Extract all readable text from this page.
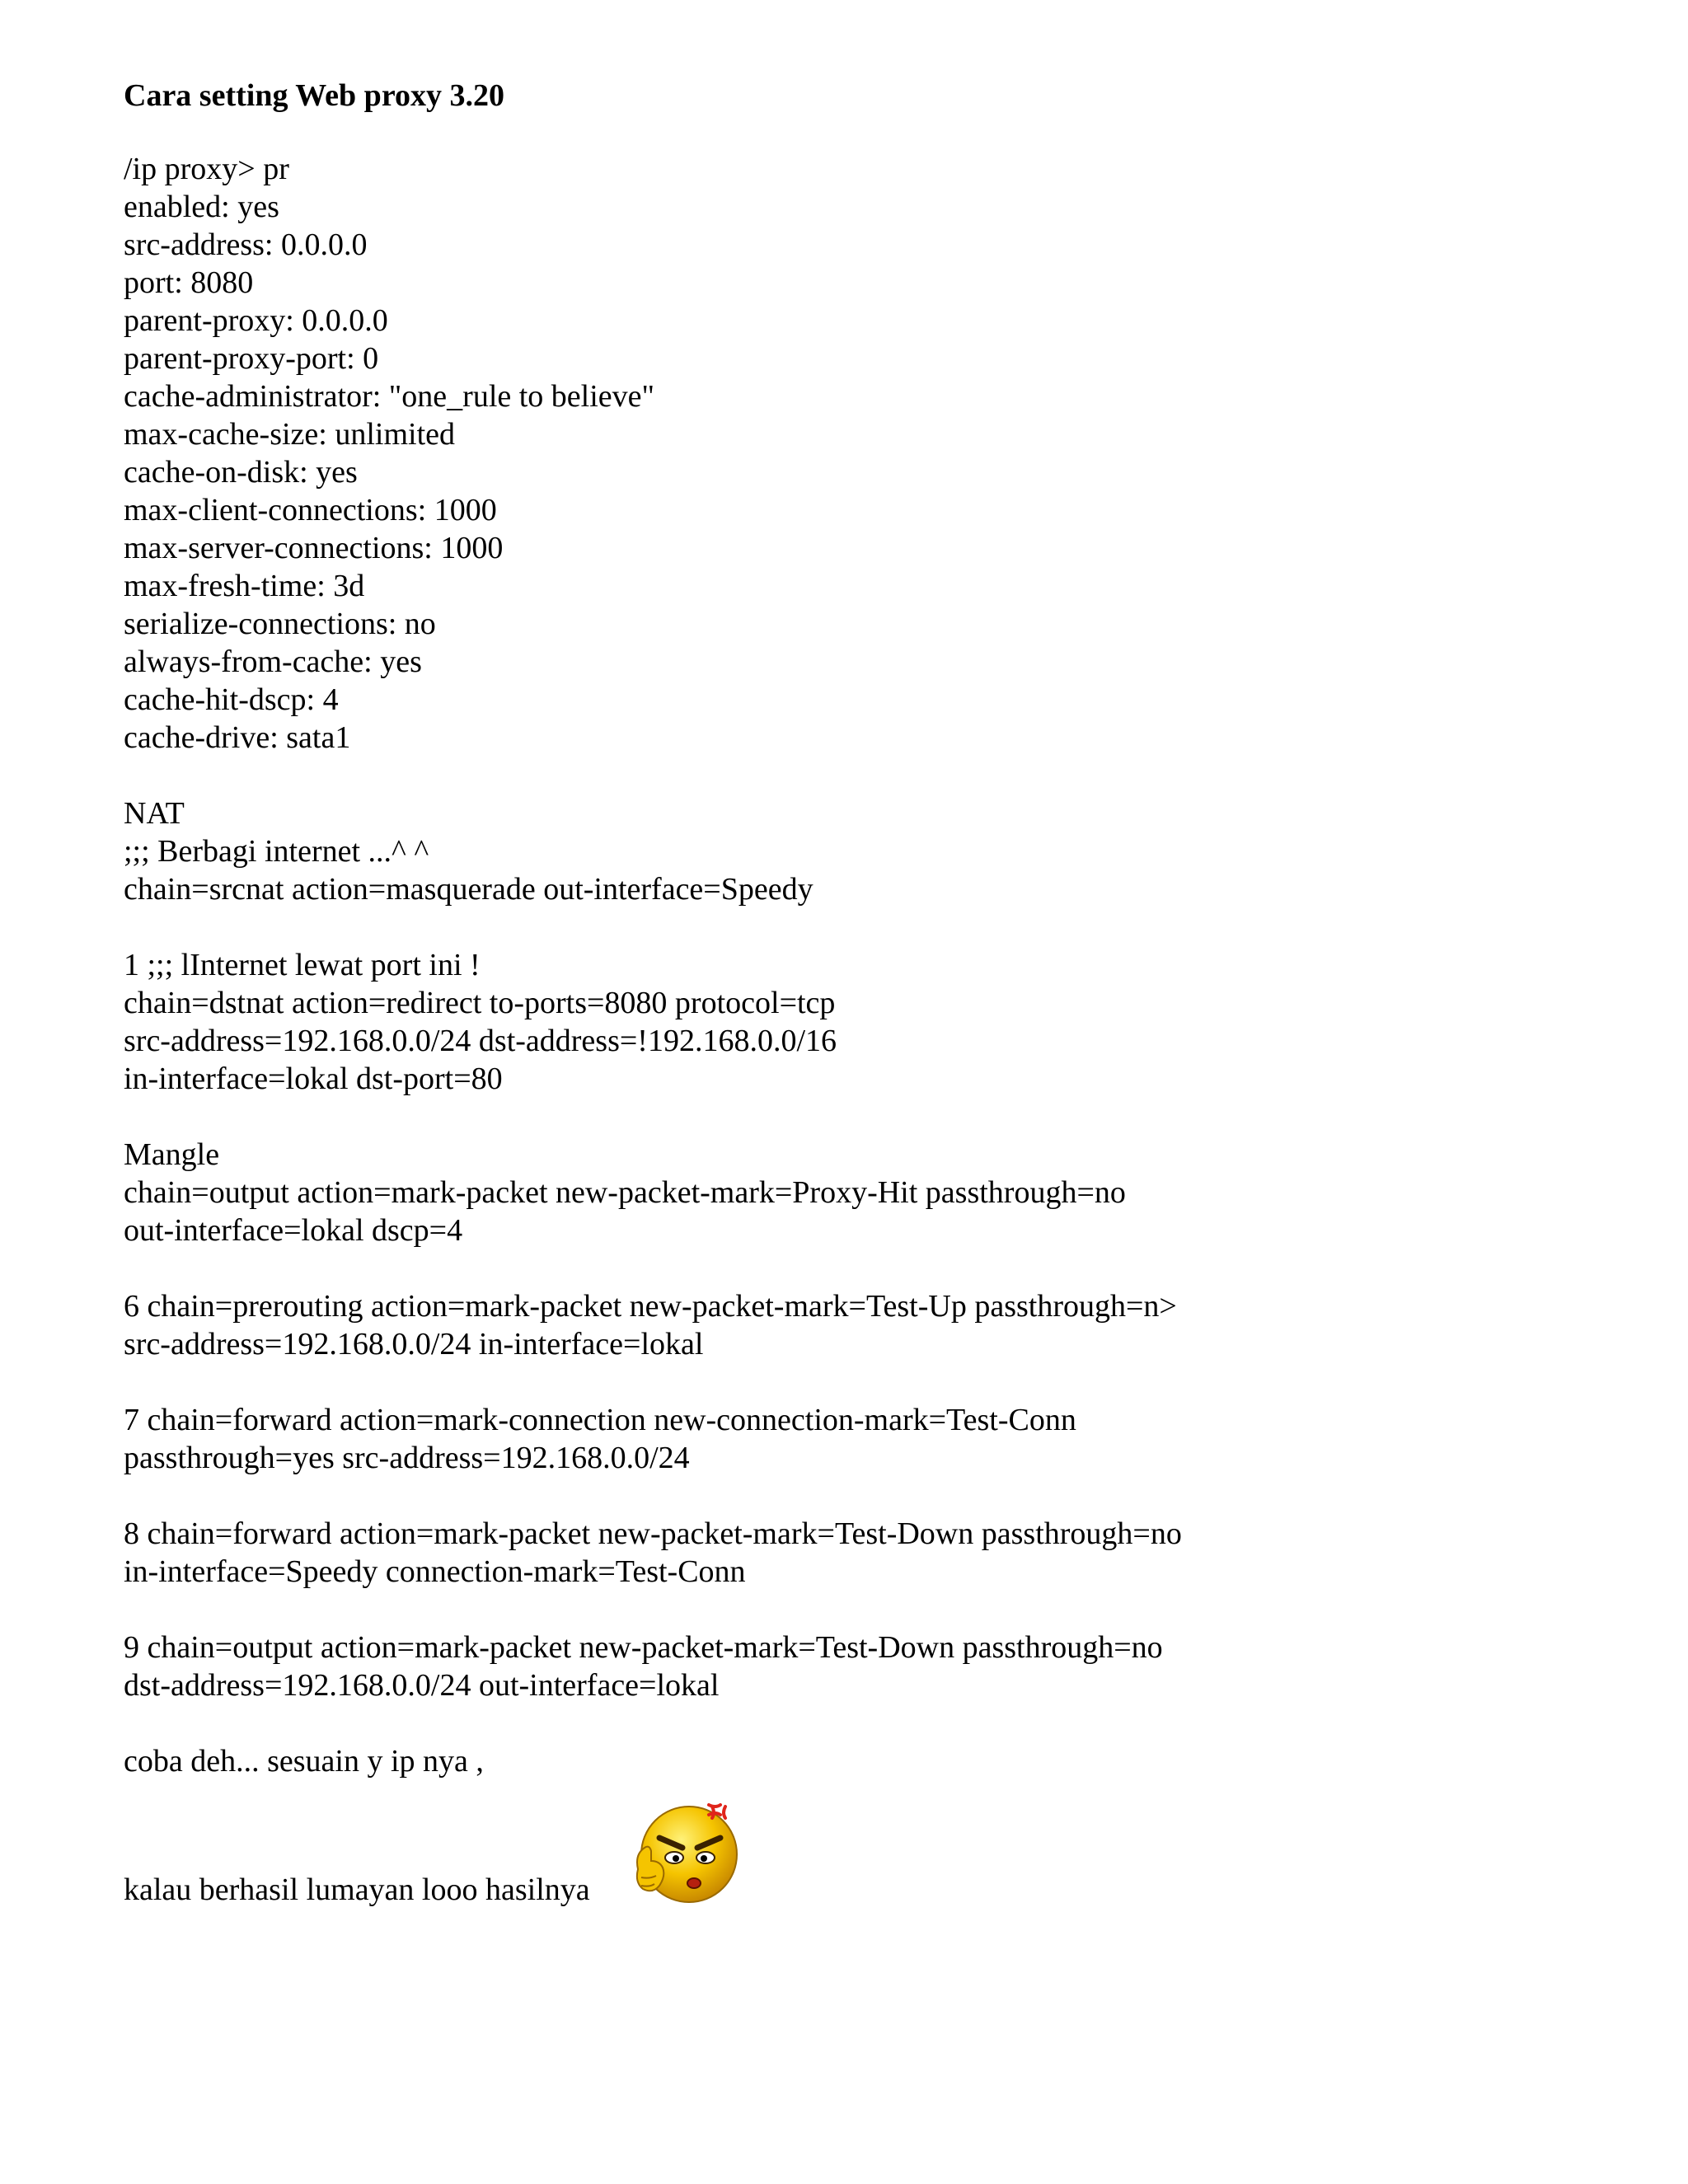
Cara setting Web proxy 3.20
/ip proxy> pr
enabled: yes
src-address: 0.0.0.0
port: 8080
parent-proxy: 0.0.0.0
parent-proxy-port: 0
cache-administrator: "one_rule to believe"
max-cache-size: unlimited
cache-on-disk: yes
max-client-connections: 1000
max-server-connections: 1000
max-fresh-time: 3d
serialize-connections: no
always-from-cache: yes
cache-hit-dscp: 4
cache-drive: sata1
NAT
;;; Berbagi internet ...^ ^
chain=srcnat action=masquerade out-interface=Speedy
1 ;;; lInternet lewat port ini !
chain=dstnat action=redirect to-ports=8080 protocol=tcp
src-address=192.168.0.0/24 dst-address=!192.168.0.0/16
in-interface=lokal dst-port=80
Mangle
chain=output action=mark-packet new-packet-mark=Proxy-Hit passthrough=no
out-interface=lokal dscp=4
6 chain=prerouting action=mark-packet new-packet-mark=Test-Up passthrough=n>
src-address=192.168.0.0/24 in-interface=lokal
7 chain=forward action=mark-connection new-connection-mark=Test-Conn
passthrough=yes src-address=192.168.0.0/24
8 chain=forward action=mark-packet new-packet-mark=Test-Down passthrough=no
in-interface=Speedy connection-mark=Test-Conn
9 chain=output action=mark-packet new-packet-mark=Test-Down passthrough=no
dst-address=192.168.0.0/24 out-interface=lokal
coba deh... sesuain y ip nya ,
kalau berhasil lumayan looo hasilnya
